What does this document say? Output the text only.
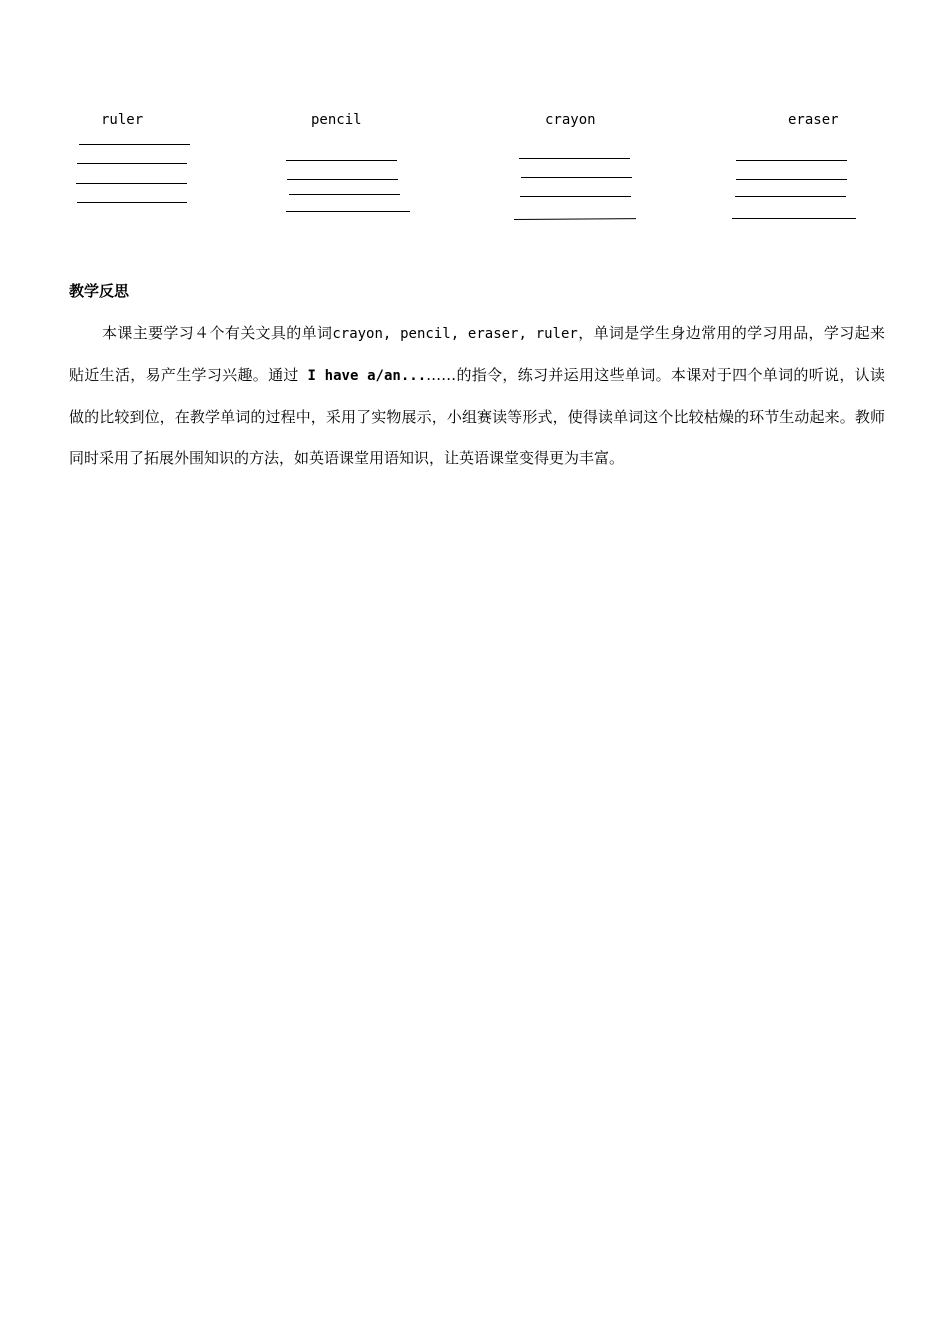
ruler	pencil	crayon	eraser
教学反思

本课主要学习４个有关文具的单词crayon, pencil, eraser, ruler，单词是学生身边常用的学习用品，学习起来贴近生活，易产生学习兴趣。通过 I have a/an...……的指令，练习并运用这些单词。本课对于四个单词的听说，认读做的比较到位，在教学单词的过程中，采用了实物展示，小组赛读等形式，使得读单词这个比较枯燥的环节生动起来。教师同时采用了拓展外围知识的方法，如英语课堂用语知识，让英语课堂变得更为丰富。
